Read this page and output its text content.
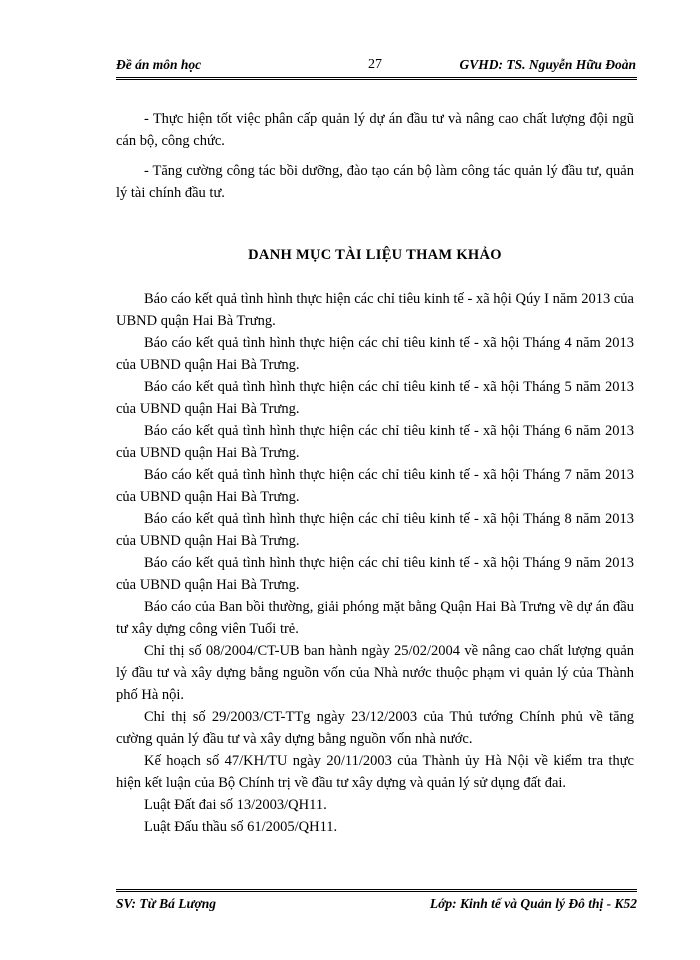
Đề án môn học	27	GVHD: TS. Nguyễn Hữu Đoàn

- Thực hiện tốt việc phân cấp quản lý dự án đầu tư và nâng cao chất lượng đội ngũ cán bộ, công chức.

- Tăng cường công tác bồi dưỡng, đào tạo cán bộ làm công tác quản lý đầu tư, quản lý tài chính đầu tư.

DANH MỤC TÀI LIỆU THAM KHẢO

Báo cáo kết quả tình hình thực hiện các chỉ tiêu kinh tế - xã hội Qúy I năm 2013 của UBND quận Hai Bà Trưng.

Báo cáo kết quả tình hình thực hiện các chỉ tiêu kinh tế - xã hội Tháng 4 năm 2013 của UBND quận Hai Bà Trưng.

Báo cáo kết quả tình hình thực hiện các chỉ tiêu kinh tế - xã hội Tháng 5 năm 2013 của UBND quận Hai Bà Trưng.

Báo cáo kết quả tình hình thực hiện các chỉ tiêu kinh tế - xã hội Tháng 6 năm 2013 của UBND quận Hai Bà Trưng.

Báo cáo kết quả tình hình thực hiện các chỉ tiêu kinh tế - xã hội Tháng 7 năm 2013 của UBND quận Hai Bà Trưng.

Báo cáo kết quả tình hình thực hiện các chỉ tiêu kinh tế - xã hội Tháng 8 năm 2013 của UBND quận Hai Bà Trưng.

Báo cáo kết quả tình hình thực hiện các chỉ tiêu kinh tế - xã hội Tháng 9 năm 2013 của UBND quận Hai Bà Trưng.

Báo cáo của Ban bồi thường, giải phóng mặt bằng Quận Hai Bà Trưng về dự án đầu tư xây dựng công viên Tuổi trẻ.

Chỉ thị số 08/2004/CT-UB ban hành ngày 25/02/2004 về nâng cao chất lượng quản lý đầu tư và xây dựng bằng nguồn vốn của Nhà nước thuộc phạm vi quản lý của Thành phố Hà nội.

Chỉ thị số 29/2003/CT-TTg ngày 23/12/2003 của Thủ tướng Chính phủ về tăng cường quản lý đầu tư và xây dựng bằng nguồn vốn nhà nước.

Kế hoạch số 47/KH/TU ngày 20/11/2003 của Thành ủy Hà Nội về kiểm tra thực hiện kết luận của Bộ Chính trị về đầu tư xây dựng và quản lý sử dụng đất đai.

Luật Đất đai số 13/2003/QH11.

Luật Đấu thầu số 61/2005/QH11.

SV: Từ Bá Lượng	Lớp: Kinh tế và Quản lý Đô thị - K52
